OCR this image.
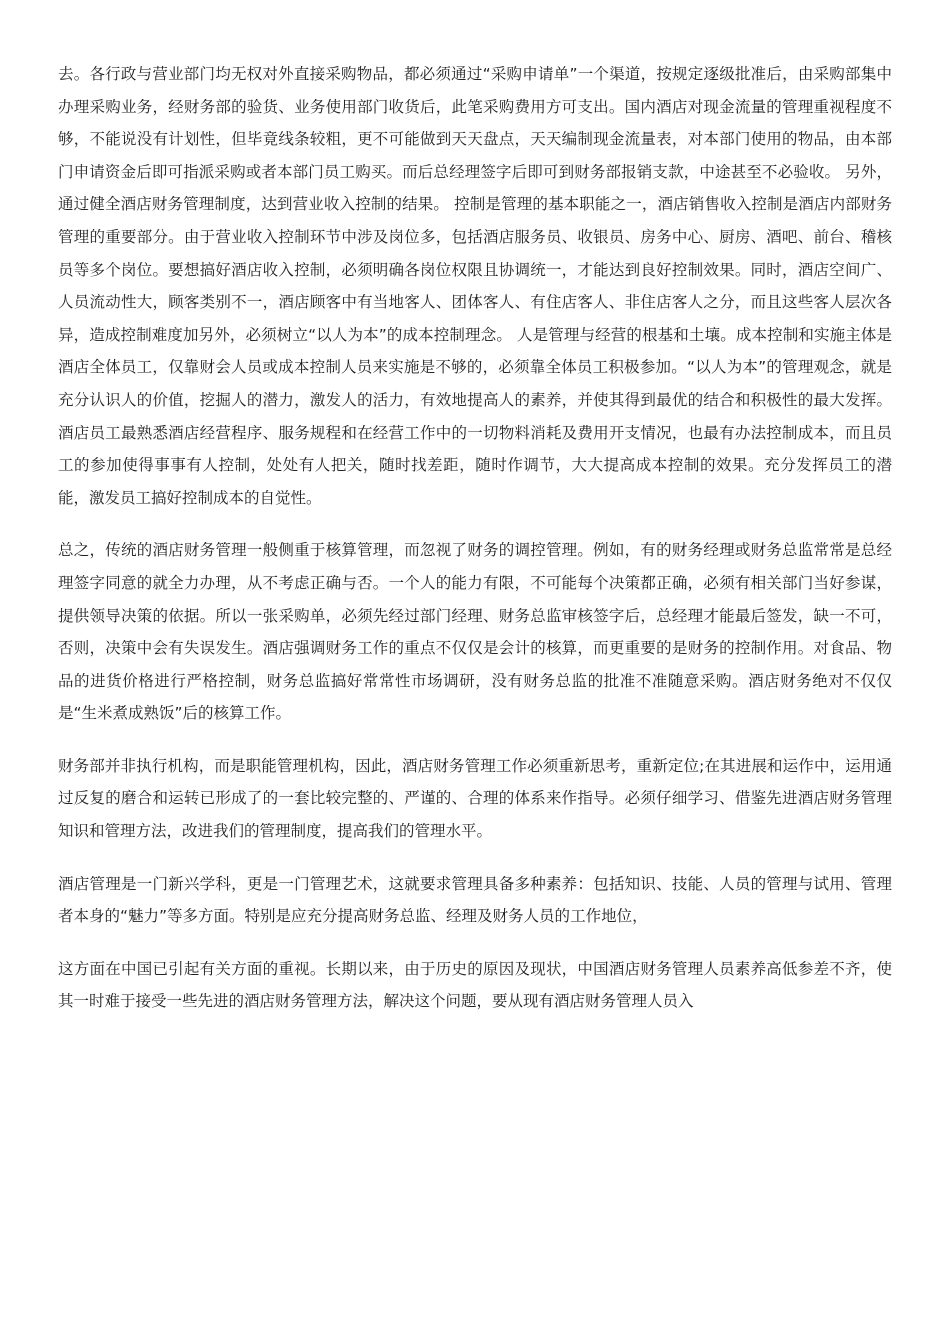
去。各行政与营业部门均无权对外直接采购物品，都必须通过“采购申请单”一个渠道，按规定逐级批准后，由采购部集中办理采购业务，经财务部的验货、业务使用部门收货后，此笔采购费用方可支出。国内酒店对现金流量的管理重视程度不够，不能说没有计划性，但毕竟线条较粗，更不可能做到天天盘点，天天编制现金流量表，对本部门使用的物品，由本部门申请资金后即可指派采购或者本部门员工购买。而后总经理签字后即可到财务部报销支款，中途甚至不必验收。 另外，通过健全酒店财务管理制度，达到营业收入控制的结果。 控制是管理的基本职能之一，酒店销售收入控制是酒店内部财务管理的重要部分。由于营业收入控制环节中涉及岗位多，包括酒店服务员、收银员、房务中心、厨房、酒吧、前台、稽核员等多个岗位。要想搞好酒店收入控制，必须明确各岗位权限且协调统一，才能达到良好控制效果。同时，酒店空间广、人员流动性大，顾客类别不一，酒店顾客中有当地客人、团体客人、有住店客人、非住店客人之分，而且这些客人层次各异，造成控制难度加另外，必须树立“以人为本”的成本控制理念。 人是管理与经营的根基和土壤。成本控制和实施主体是酒店全体员工，仅靠财会人员或成本控制人员来实施是不够的，必须靠全体员工积极参加。“以人为本”的管理观念，就是充分认识人的价值，挖掘人的潜力，激发人的活力，有效地提高人的素养，并使其得到最优的结合和积极性的最大发挥。酒店员工最熟悉酒店经营程序、服务规程和在经营工作中的一切物料消耗及费用开支情况，也最有办法控制成本，而且员工的参加使得事事有人控制，处处有人把关，随时找差距，随时作调节，大大提高成本控制的效果。充分发挥员工的潜能，激发员工搞好控制成本的自觉性。

总之，传统的酒店财务管理一般侧重于核算管理，而忽视了财务的调控管理。例如，有的财务经理或财务总监常常是总经理签字同意的就全力办理，从不考虑正确与否。一个人的能力有限，不可能每个决策都正确，必须有相关部门当好参谋，提供领导决策的依据。所以一张采购单，必须先经过部门经理、财务总监审核签字后，总经理才能最后签发，缺一不可，否则，决策中会有失误发生。酒店强调财务工作的重点不仅仅是会计的核算，而更重要的是财务的控制作用。对食品、物品的进货价格进行严格控制，财务总监搞好常常性市场调研，没有财务总监的批准不准随意采购。酒店财务绝对不仅仅是“生米煮成熟饭”后的核算工作。

财务部并非执行机构，而是职能管理机构，因此，酒店财务管理工作必须重新思考，重新定位;在其进展和运作中，运用通过反复的磨合和运转已形成了的一套比较完整的、严谨的、合理的体系来作指导。必须仔细学习、借鉴先进酒店财务管理知识和管理方法，改进我们的管理制度，提高我们的管理水平。

酒店管理是一门新兴学科，更是一门管理艺术，这就要求管理具备多种素养：包括知识、技能、人员的管理与试用、管理者本身的“魅力”等多方面。特别是应充分提高财务总监、经理及财务人员的工作地位，

这方面在中国已引起有关方面的重视。长期以来，由于历史的原因及现状，中国酒店财务管理人员素养高低参差不齐，使其一时难于接受一些先进的酒店财务管理方法，解决这个问题，要从现有酒店财务管理人员入
